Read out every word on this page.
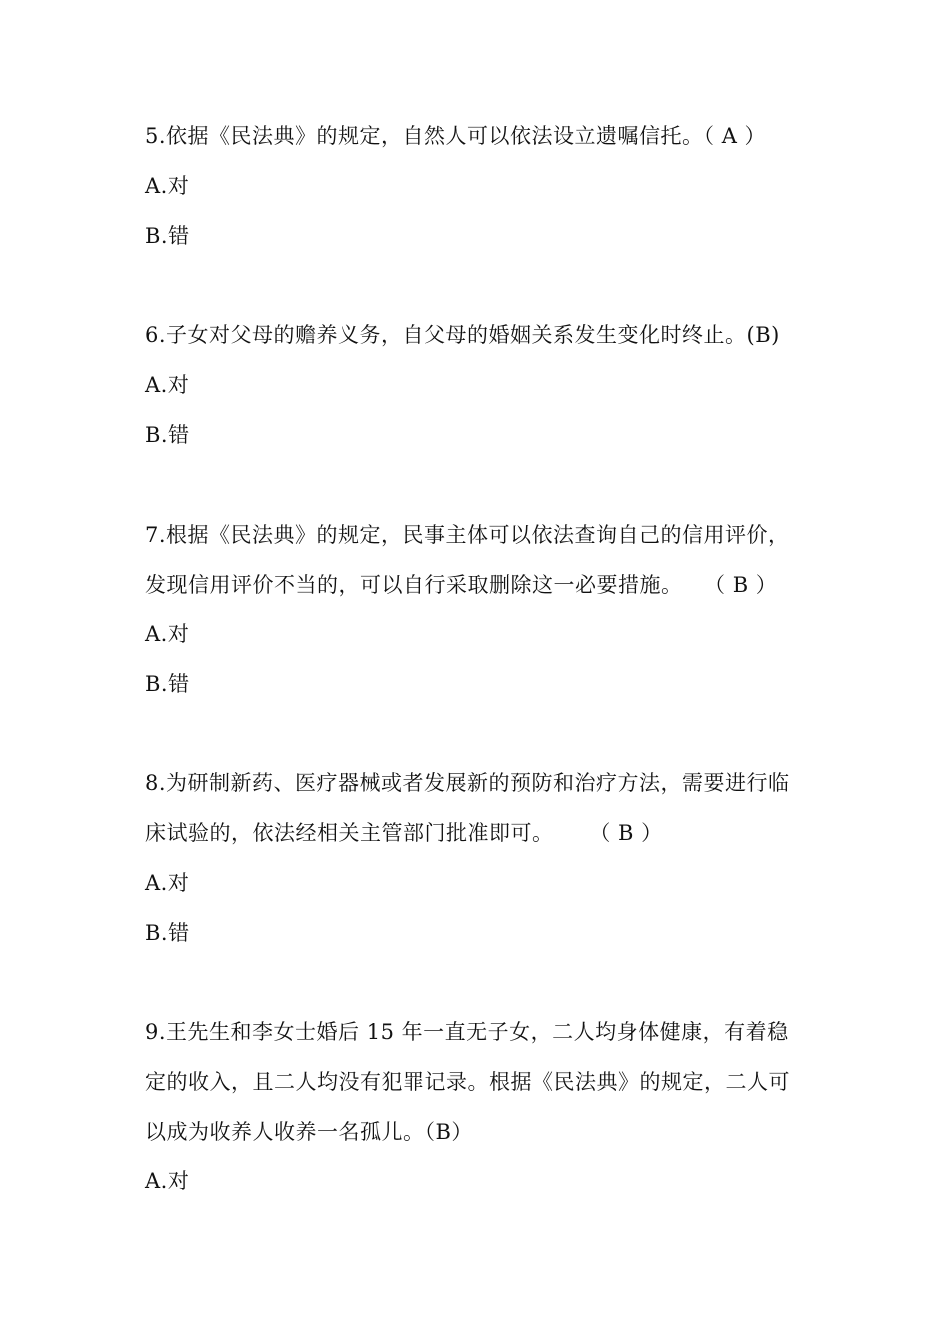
5.依据《民法典》的规定，自然人可以依法设立遗嘱信托。（ A ）
A.对
B.错
6.子女对父母的赡养义务，自父母的婚姻关系发生变化时终止。(B)
A.对
B.错
7.根据《民法典》的规定，民事主体可以依法查询自己的信用评价，
发现信用评价不当的，可以自行采取删除这一必要措施。   （ B ）
A.对
B.错
8.为研制新药、医疗器械或者发展新的预防和治疗方法，需要进行临
床试验的，依法经相关主管部门批准即可。     （ B ）
A.对
B.错
9.王先生和李女士婚后 15 年一直无子女，二人均身体健康，有着稳
定的收入，且二人均没有犯罪记录。根据《民法典》的规定，二人可
以成为收养人收养一名孤儿。（B）
A.对
